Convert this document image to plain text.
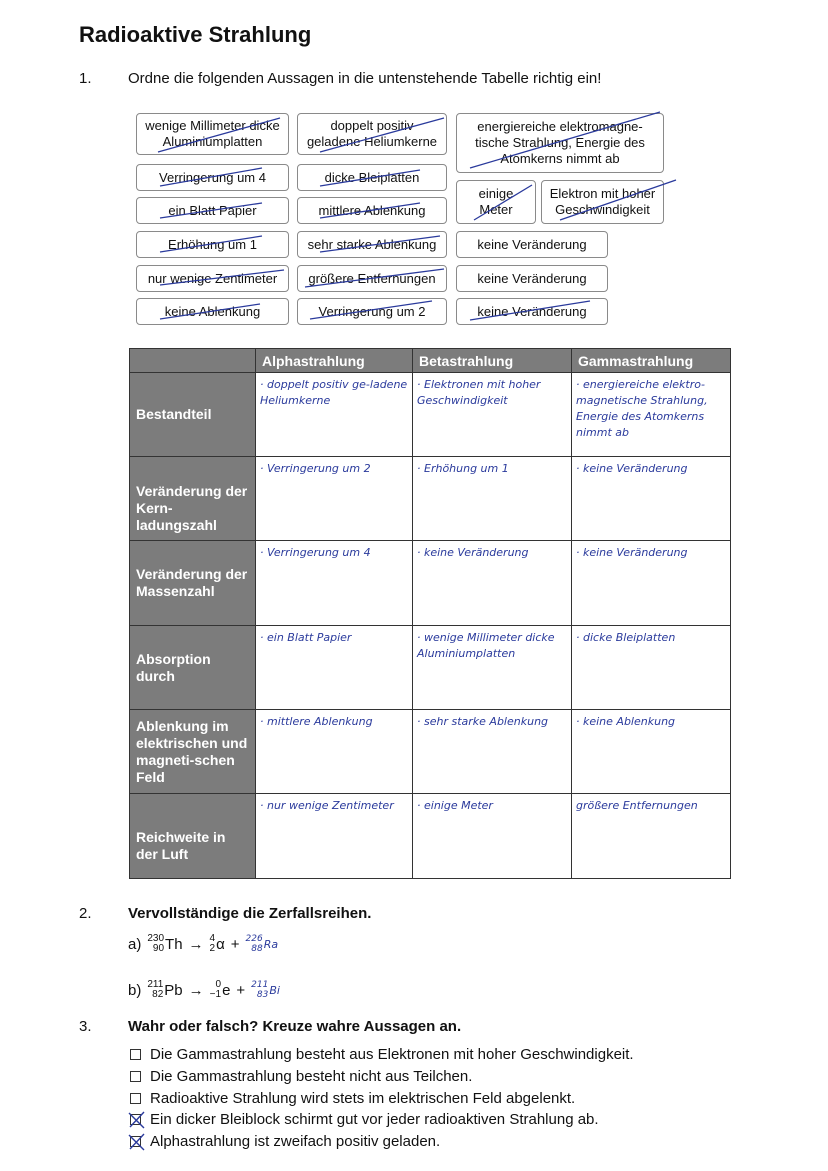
Radioaktive Strahlung
1. Ordne die folgenden Aussagen in die untenstehende Tabelle richtig ein!
wenige Millimeter dicke Aluminiumplatten
doppelt positiv geladene Heliumkerne
energiereiche elektromagne-tische Strahlung, Energie des Atomkerns nimmt ab
Verringerung um 4	dicke Bleiplatten
ein Blatt Papier	mittlere Ablenkung
einige Meter
Elektron mit hoher Geschwindigkeit
Erhöhung um 1	sehr starke Ablenkung	keine Veränderung
nur wenige Zentimeter größere Entfernungen	keine Veränderung
keine Ablenkung	Verringerung um 2	keine Veränderung
	Alphastrahlung	Betastrahlung	Gammastrahlung
Bestandteil	· doppelt positiv ge-ladene Heliumkerne	· Elektronen mit hoher Geschwindigkeit	· energiereiche elektro-magnetische Strahlung, Energie des Atomkerns nimmt ab
Veränderung der Kern-ladungszahl	· Verringerung um 2	· Erhöhung um 1	· keine Veränderung
Veränderung der Massenzahl	· Verringerung um 4	· keine Veränderung	· keine Veränderung
Absorption durch	· ein Blatt Papier	· wenige Millimeter dicke Aluminiumplatten	· dicke Bleiplatten
Ablenkung im elektrischen und magneti-schen Feld	· mittlere Ablenkung	· sehr starke Ablenkung	· keine Ablenkung
Reichweite in der Luft	· nur wenige Zentimeter	· einige Meter	größere Entfernungen
2. Vervollständige die Zerfallsreihen.
a) 230
90 Th → 4
2 α + 226
88 Ra
b) 211
82 Pb →	0
−1 e + 211
83 Bi
3. Wahr oder falsch? Kreuze wahre Aussagen an.
Die Gammastrahlung besteht aus Elektronen mit hoher Geschwindigkeit.
Die Gammastrahlung besteht nicht aus Teilchen.
Radioaktive Strahlung wird stets im elektrischen Feld abgelenkt.
Ein dicker Bleiblock schirmt gut vor jeder radioaktiven Strahlung ab.
Alphastrahlung ist zweifach positiv geladen.
